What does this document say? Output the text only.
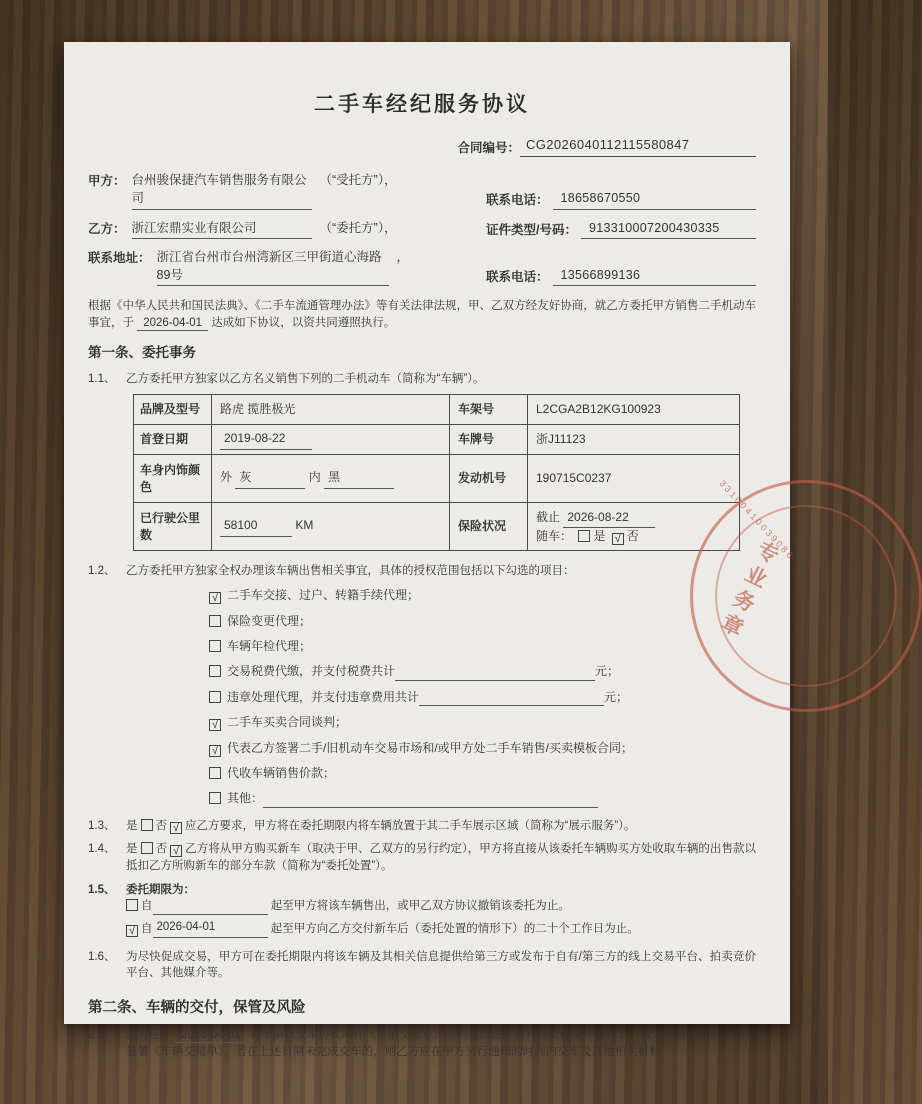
二手车经纪服务协议
合同编号： CG2026040112115580847
甲方： 台州骏保捷汽车销售服务有限公司
（“受托方”），
联系电话： 18658670550
乙方： 浙江宏鼎实业有限公司	（“委托方”），	证件类型/号码： 913310007200430335
联系地址： 浙江省台州市台州湾新区三甲街道心海路89号
，
联系电话： 13566899136
根据《中华人民共和国民法典》、《二手车流通管理办法》等有关法律法规，甲、乙双方经友好协商，就乙方委托甲方销售二手机动车事宜，于 2026-04-01 达成如下协议，以资共同遵照执行。
第一条、委托事务
1.1、 乙方委托甲方独家以乙方名义销售下列的二手机动车（简称为“车辆”）。
品牌及型号	路虎 揽胜极光	车架号	L2CGA2B12KG100923
首登日期	2019-08-22	车牌号	浙J11123
车身内饰颜色	外 灰 内 黑	发动机号	190715C0237
已行驶公里数	58100 KM	保险状况	截止 2026-08-22
随车： 是 √ 否
1.2、 乙方委托甲方独家全权办理该车辆出售相关事宜，具体的授权范围包括以下勾选的项目：
√ 二手车交接、过户、转籍手续代理；
保险变更代理；
车辆年检代理；
交易税费代缴，并支付税费共计	元；
违章处理代理，并支付违章费用共计	元；
√ 二手车买卖合同谈判；
√ 代表乙方签署二手/旧机动车交易市场和/或甲方处二手车销售/买卖模板合同；
代收车辆销售价款；
其他：
1.3、 是 否 √ 应乙方要求，甲方将在委托期限内将车辆放置于其二手车展示区域（简称为“展示服务”）。
1.4、 是 否 √ 乙方将从甲方购买新车（取决于甲、乙双方的另行约定），甲方将直接从该委托车辆购买方处收取车辆的出售款以抵扣乙方所购新车的部分车款（简称为“委托处置”）。
1.5、 委托期限为：
自	起至甲方将该车辆售出，或甲乙双方协议撤销该委托为止。
√ 自 2026-04-01	起至甲方向乙方交付新车后（委托处置的情形下）的二十个工作日为止。
1.6、 为尽快促成交易，甲方可在委托期限内将该车辆及其相关信息提供给第三方或发布于自有/第三方的线上交易平台、拍卖竞价平台、其他媒介等。
第二条、车辆的交付，保管及风险
2.1、 乙方应于 2026-04-01 将车辆以及本协议附件《车辆交接单》所约定的随车材料与文件交甲方保管。双方完成交付后，应当签署《车辆交接单》。若在上述日期未完成交车的，则乙方应在甲方另行通知的时间内交车及其他相关材料。
33100410039086
专业务章
